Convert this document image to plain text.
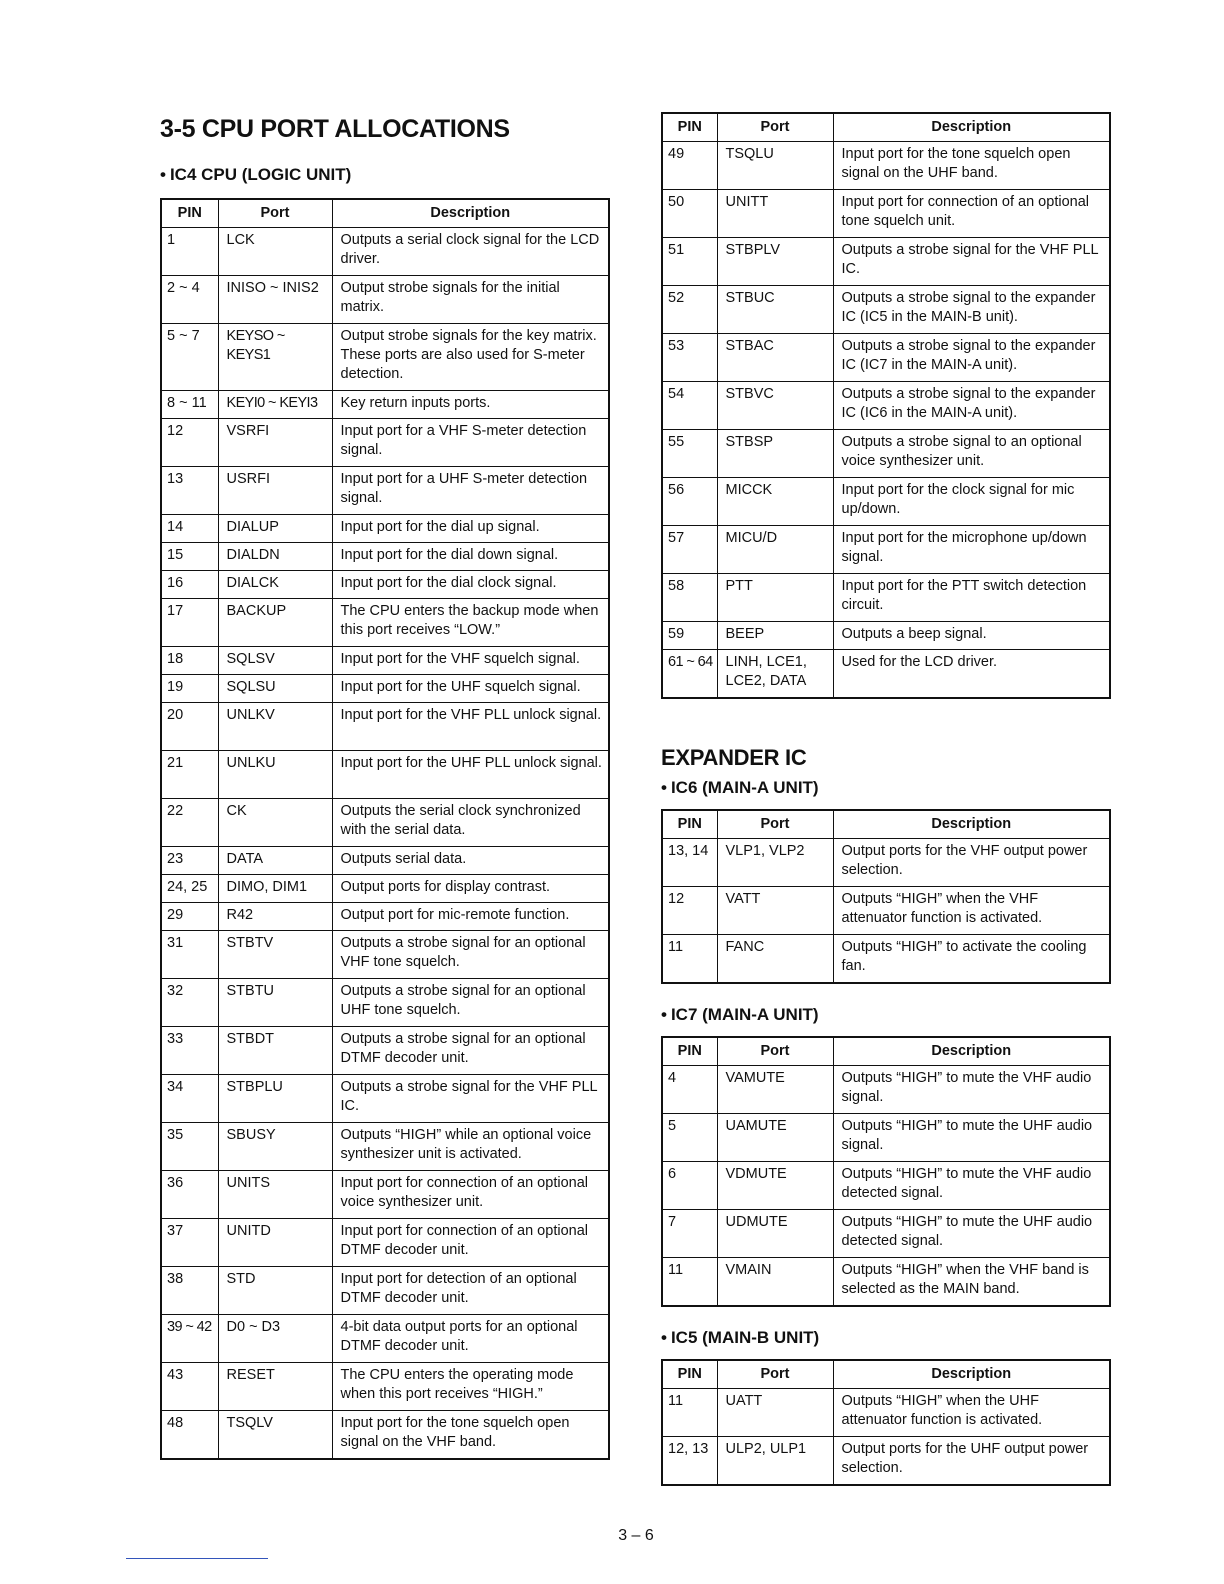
3-5 CPU PORT ALLOCATIONS
• IC4 CPU (LOGIC UNIT)
PIN	Port	Description
1	LCK	Outputs a serial clock signal for the LCD driver.
2 ~ 4	INISO ~ INIS2	Output strobe signals for the initial matrix.
5 ~ 7	KEYSO ~ KEYS1	Output strobe signals for the key matrix. These ports are also used for S-meter detection.
8 ~ 11	KEYI0 ~ KEYI3	Key return inputs ports.
12	VSRFI	Input port for a VHF S-meter detection signal.
13	USRFI	Input port for a UHF S-meter detection signal.
14	DIALUP	Input port for the dial up signal.
15	DIALDN	Input port for the dial down signal.
16	DIALCK	Input port for the dial clock signal.
17	BACKUP	The CPU enters the backup mode when this port receives “LOW.”
18	SQLSV	Input port for the VHF squelch signal.
19	SQLSU	Input port for the UHF squelch signal.
20	UNLKV	Input port for the VHF PLL unlock signal.
21	UNLKU	Input port for the UHF PLL unlock signal.
22	CK	Outputs the serial clock synchronized with the serial data.
23	DATA	Outputs serial data.
24, 25	DIMO, DIM1	Output ports for display contrast.
29	R42	Output port for mic-remote function.
31	STBTV	Outputs a strobe signal for an optional VHF tone squelch.
32	STBTU	Outputs a strobe signal for an optional UHF tone squelch.
33	STBDT	Outputs a strobe signal for an optional DTMF decoder unit.
34	STBPLU	Outputs a strobe signal for the VHF PLL IC.
35	SBUSY	Outputs “HIGH” while an optional voice synthesizer unit is activated.
36	UNITS	Input port for connection of an optional voice synthesizer unit.
37	UNITD	Input port for connection of an optional DTMF decoder unit.
38	STD	Input port for detection of an optional DTMF decoder unit.
39 ~ 42	D0 ~ D3	4-bit data output ports for an optional DTMF decoder unit.
43	RESET	The CPU enters the operating mode when this port receives “HIGH.”
48	TSQLV	Input port for the tone squelch open signal on the VHF band.
PIN	Port	Description
49	TSQLU	Input port for the tone squelch open signal on the UHF band.
50	UNITT	Input port for connection of an optional tone squelch unit.
51	STBPLV	Outputs a strobe signal for the VHF PLL IC.
52	STBUC	Outputs a strobe signal to the expander IC (IC5 in the MAIN-B unit).
53	STBAC	Outputs a strobe signal to the expander IC (IC7 in the MAIN-A unit).
54	STBVC	Outputs a strobe signal to the expander IC (IC6 in the MAIN-A unit).
55	STBSP	Outputs a strobe signal to an optional voice synthesizer unit.
56	MICCK	Input port for the clock signal for mic up/down.
57	MICU/D	Input port for the microphone up/down signal.
58	PTT	Input port for the PTT switch detection circuit.
59	BEEP	Outputs a beep signal.
61 ~ 64	LINH, LCE1, LCE2, DATA	Used for the LCD driver.
EXPANDER IC
• IC6 (MAIN-A UNIT)
PIN	Port	Description
13, 14	VLP1, VLP2	Output ports for the VHF output power selection.
12	VATT	Outputs “HIGH” when the VHF attenuator function is activated.
11	FANC	Outputs “HIGH” to activate the cooling fan.
• IC7 (MAIN-A UNIT)
PIN	Port	Description
4	VAMUTE	Outputs “HIGH” to mute the VHF audio signal.
5	UAMUTE	Outputs “HIGH” to mute the UHF audio signal.
6	VDMUTE	Outputs “HIGH” to mute the VHF audio detected signal.
7	UDMUTE	Outputs “HIGH” to mute the UHF audio detected signal.
11	VMAIN	Outputs “HIGH” when the VHF band is selected as the MAIN band.
• IC5 (MAIN-B UNIT)
PIN	Port	Description
11	UATT	Outputs “HIGH” when the UHF attenuator function is activated.
12, 13	ULP2, ULP1	Output ports for the UHF output power selection.
3 – 6
